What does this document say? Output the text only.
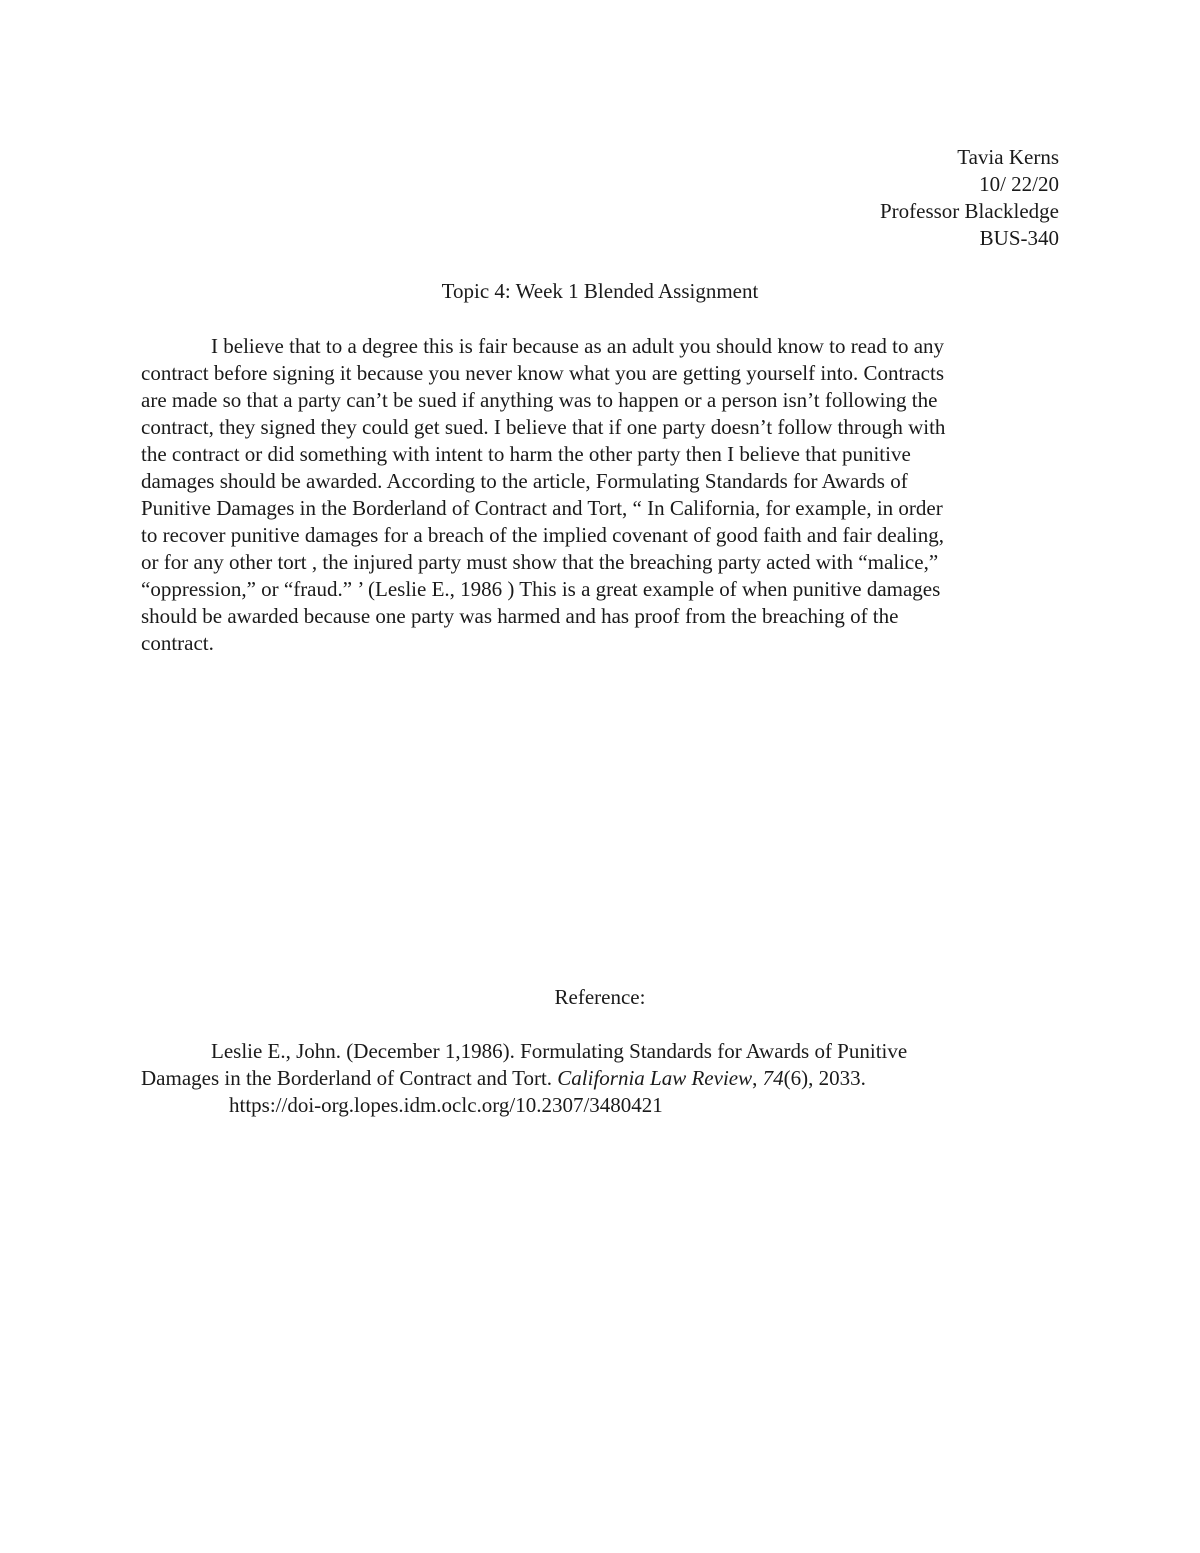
Tavia Kerns
10/ 22/20
Professor Blackledge
BUS-340
Topic 4: Week 1 Blended Assignment
I believe that to a degree this is fair because as an adult you should know to read to any
contract before signing it because you never know what you are getting yourself into. Contracts
are made so that a party can’t be sued if anything was to happen or a person isn’t following the
contract, they signed they could get sued. I believe that if one party doesn’t follow through with
the contract or did something with intent to harm the other party then I believe that punitive
damages should be awarded. According to the article, Formulating Standards for Awards of
Punitive Damages in the Borderland of Contract and Tort, “ In California, for example, in order
to recover punitive damages for a breach of the implied covenant of good faith and fair dealing,
or for any other tort , the injured party must show that the breaching party acted with “malice,”
“oppression,” or “fraud.” ’ (Leslie E., 1986 ) This is a great example of when punitive damages
should be awarded because one party was harmed and has proof from the breaching of the
contract.
Reference:
Leslie E., John. (December 1,1986). Formulating Standards for Awards of Punitive
Damages in the Borderland of Contract and Tort. California Law Review, 74(6), 2033.
https://doi-org.lopes.idm.oclc.org/10.2307/3480421
